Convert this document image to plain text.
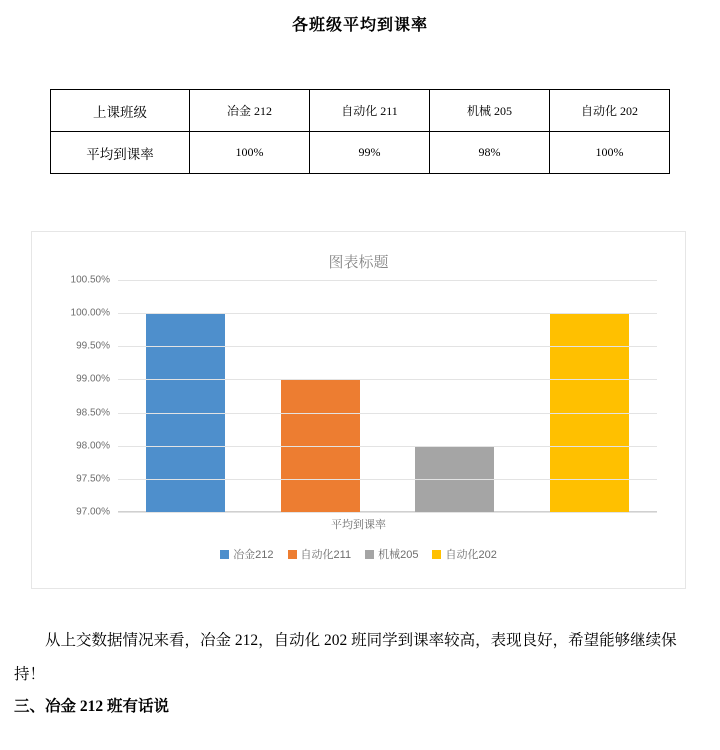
各班级平均到课率
上课班级	冶金 212	自动化 211	机械 205	自动化 202
平均到课率	100%	99%	98%	100%
图表标题
100.50%
100.00%
99.50%
99.00%
98.50%
98.00%
97.50%
97.00%
平均到课率
冶金212 自动化211 机械205 自动化202
从上交数据情况来看，冶金 212，自动化 202 班同学到课率较高，表现良好，希望能够继续保持！
三、冶金 212 班有话说
